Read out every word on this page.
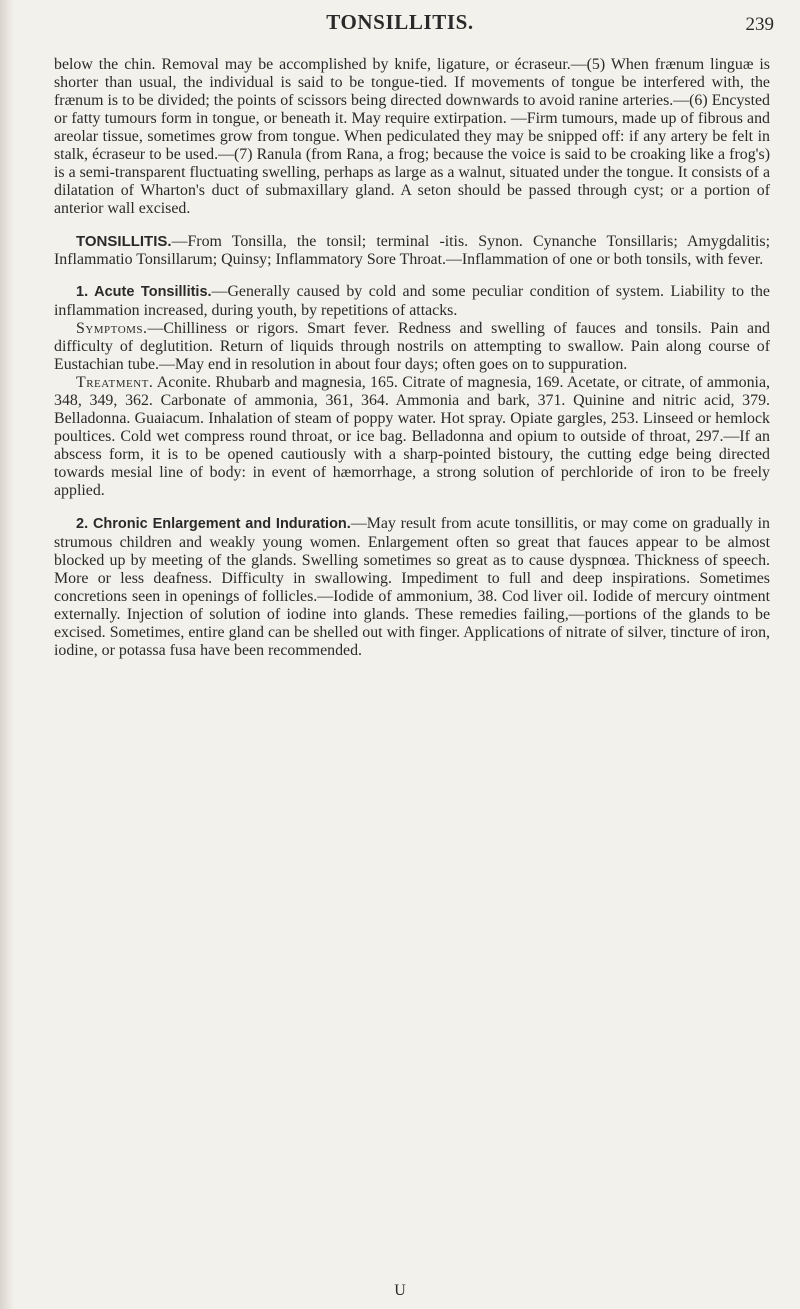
TONSILLITIS.	239

below the chin. Removal may be accomplished by knife, ligature, or écraseur.—(5) When frænum linguæ is shorter than usual, the individual is said to be tongue-tied. If movements of tongue be interfered with, the frænum is to be divided; the points of scissors being directed downwards to avoid ranine arteries.—(6) Encysted or fatty tumours form in tongue, or beneath it. May require extirpation. —Firm tumours, made up of fibrous and areolar tissue, sometimes grow from tongue. When pediculated they may be snipped off: if any artery be felt in stalk, écraseur to be used.—(7) Ranula (from Rana, a frog; because the voice is said to be croaking like a frog's) is a semi-transparent fluctuating swelling, perhaps as large as a walnut, situated under the tongue. It consists of a dilatation of Wharton's duct of submaxillary gland. A seton should be passed through cyst; or a portion of anterior wall excised.

TONSILLITIS.—From Tonsilla, the tonsil; terminal -itis. Synon. Cynanche Tonsillaris; Amygdalitis; Inflammatio Tonsillarum; Quinsy; Inflammatory Sore Throat.—Inflammation of one or both tonsils, with fever.

1. Acute Tonsillitis.—Generally caused by cold and some peculiar condition of system. Liability to the inflammation increased, during youth, by repetitions of attacks.

Symptoms.—Chilliness or rigors. Smart fever. Redness and swelling of fauces and tonsils. Pain and difficulty of deglutition. Return of liquids through nostrils on attempting to swallow. Pain along course of Eustachian tube.—May end in resolution in about four days; often goes on to suppuration.

Treatment. Aconite. Rhubarb and magnesia, 165. Citrate of magnesia, 169. Acetate, or citrate, of ammonia, 348, 349, 362. Carbonate of ammonia, 361, 364. Ammonia and bark, 371. Quinine and nitric acid, 379. Belladonna. Guaiacum. Inhalation of steam of poppy water. Hot spray. Opiate gargles, 253. Linseed or hemlock poultices. Cold wet compress round throat, or ice bag. Belladonna and opium to outside of throat, 297.—If an abscess form, it is to be opened cautiously with a sharp-pointed bistoury, the cutting edge being directed towards mesial line of body: in event of hæmorrhage, a strong solution of perchloride of iron to be freely applied.

2. Chronic Enlargement and Induration.—May result from acute tonsillitis, or may come on gradually in strumous children and weakly young women. Enlargement often so great that fauces appear to be almost blocked up by meeting of the glands. Swelling sometimes so great as to cause dyspnœa. Thickness of speech. More or less deafness. Difficulty in swallowing. Impediment to full and deep inspirations. Sometimes concretions seen in openings of follicles.—Iodide of ammonium, 38. Cod liver oil. Iodide of mercury ointment externally. Injection of solution of iodine into glands. These remedies failing,—portions of the glands to be excised. Sometimes, entire gland can be shelled out with finger. Applications of nitrate of silver, tincture of iron, iodine, or potassa fusa have been recommended.

U
